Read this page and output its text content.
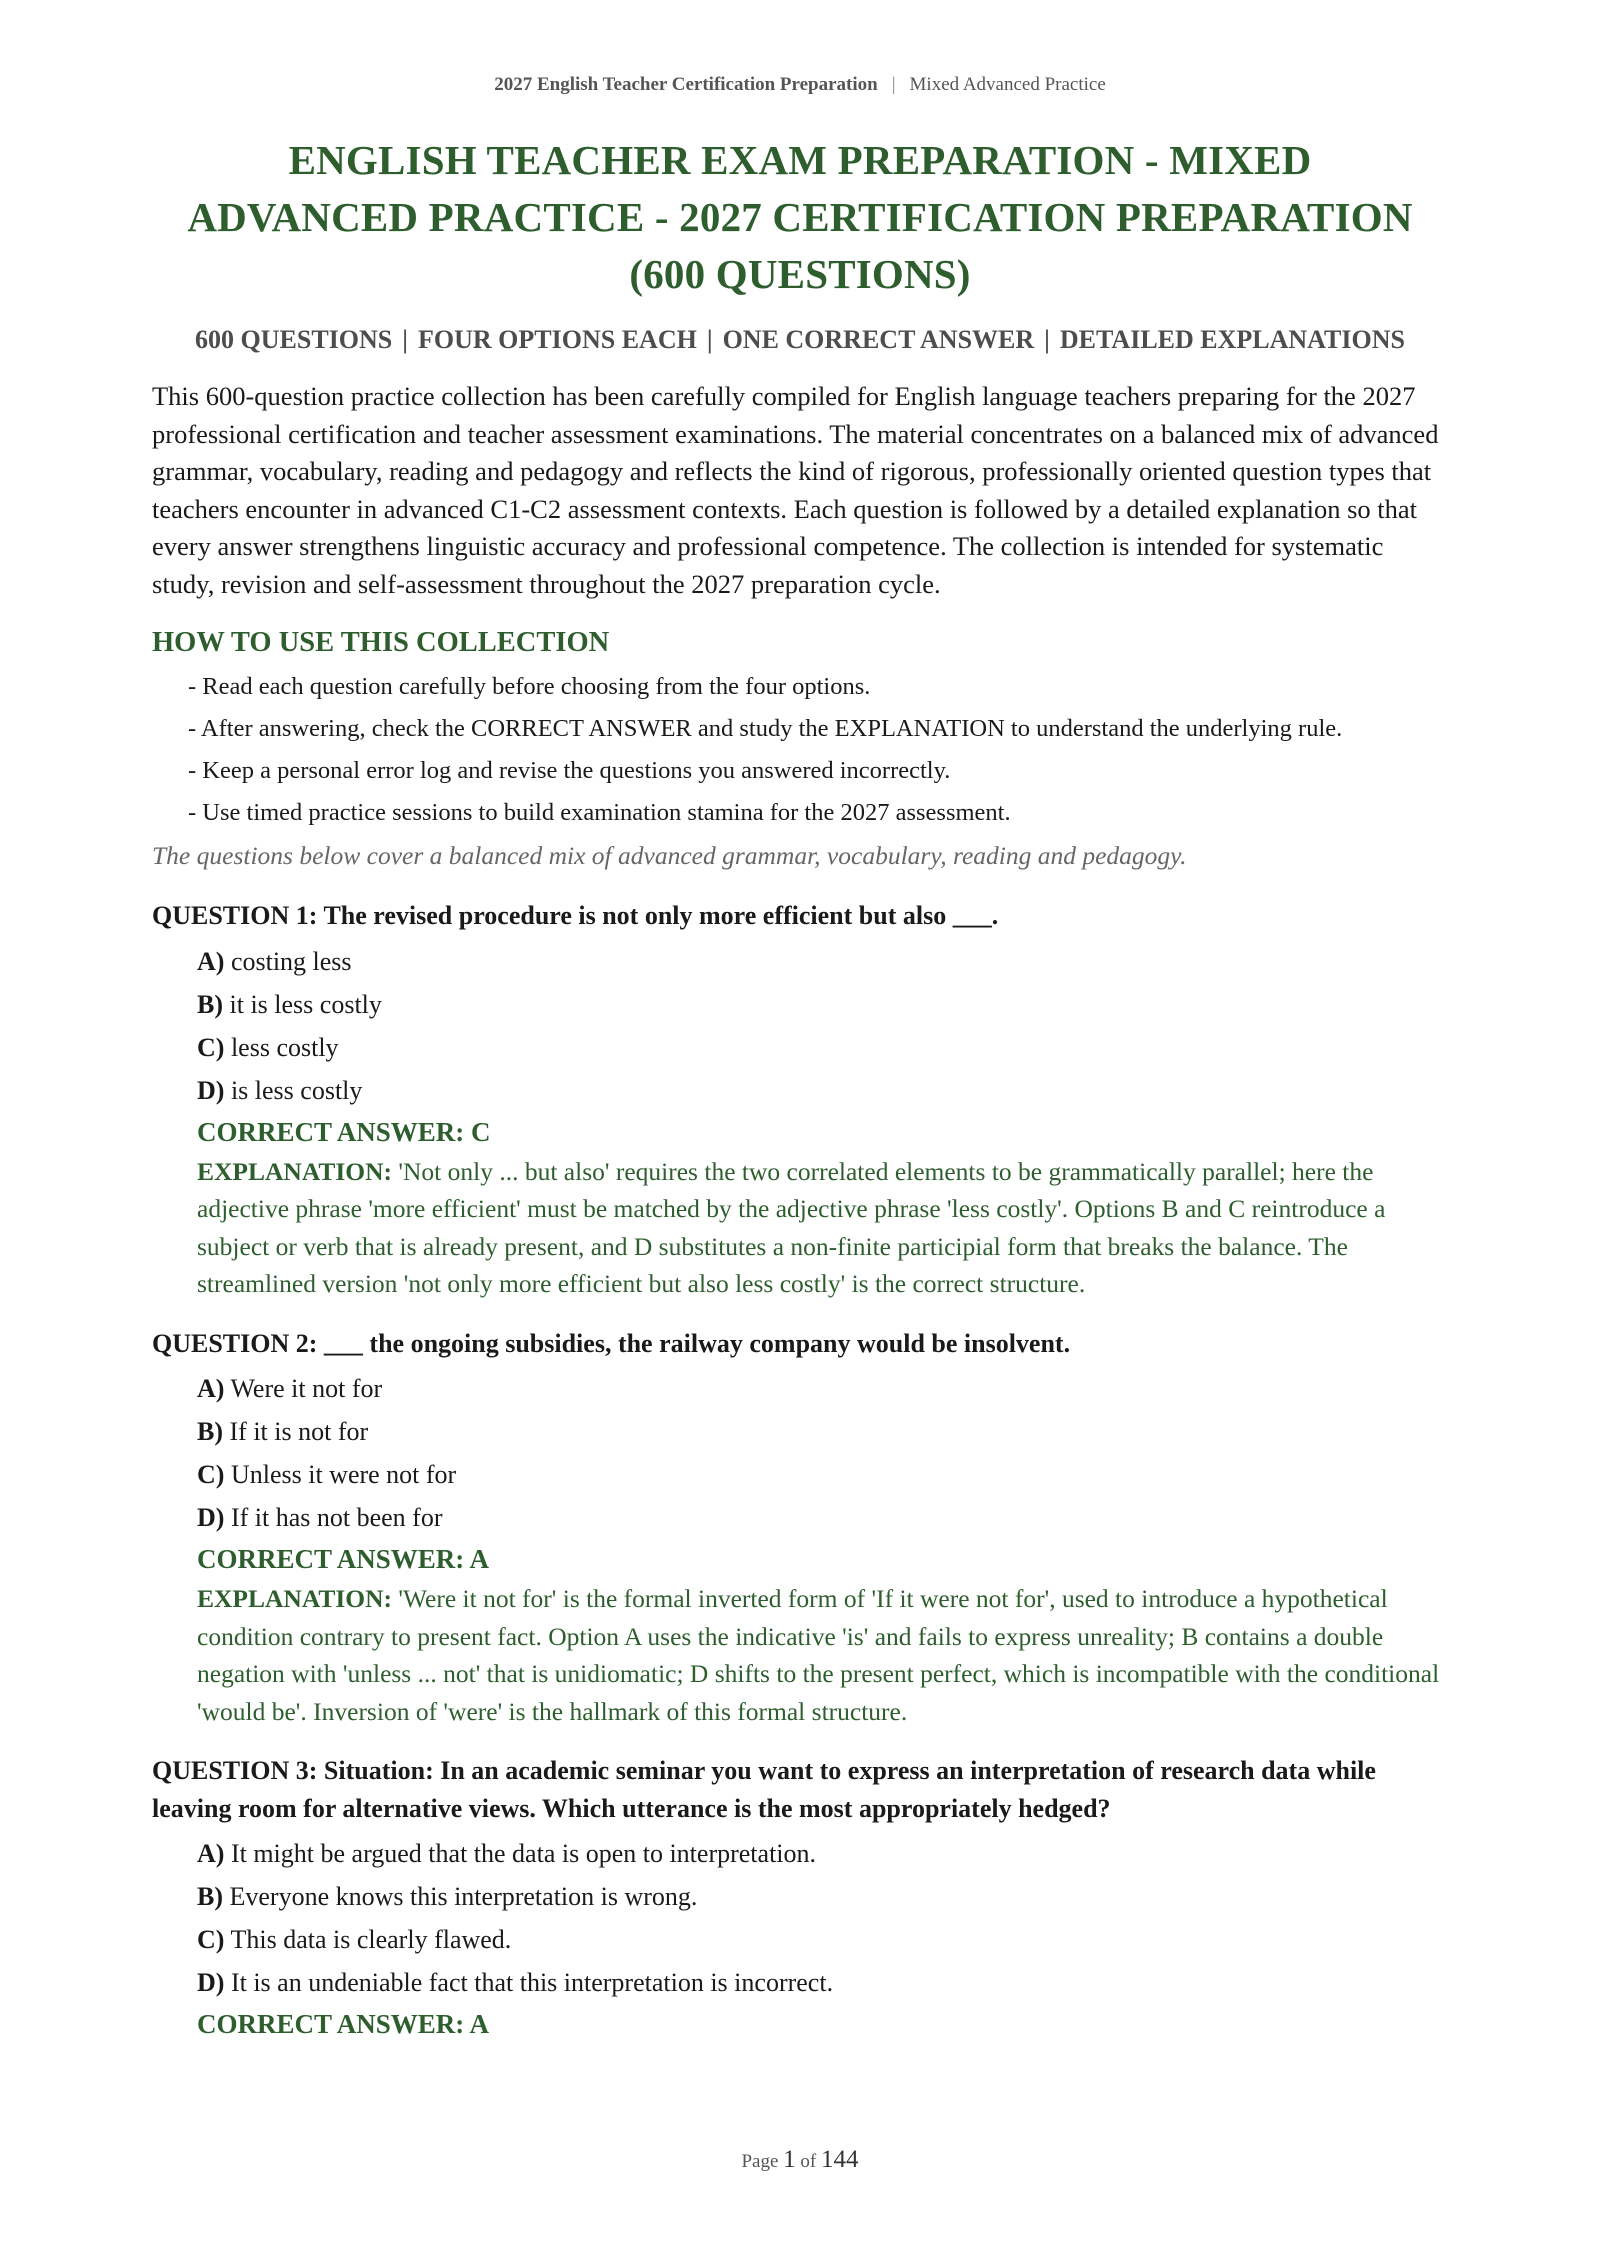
2027 English Teacher Certification Preparation | Mixed Advanced Practice
ENGLISH TEACHER EXAM PREPARATION - MIXED
ADVANCED PRACTICE - 2027 CERTIFICATION PREPARATION
(600 QUESTIONS)
600 QUESTIONS | FOUR OPTIONS EACH | ONE CORRECT ANSWER | DETAILED EXPLANATIONS

This 600-question practice collection has been carefully compiled for English language teachers preparing for the 2027 professional certification and teacher assessment examinations. The material concentrates on a balanced mix of advanced grammar, vocabulary, reading and pedagogy and reflects the kind of rigorous, professionally oriented question types that teachers encounter in advanced C1-C2 assessment contexts. Each question is followed by a detailed explanation so that every answer strengthens linguistic accuracy and professional competence. The collection is intended for systematic study, revision and self-assessment throughout the 2027 preparation cycle.

HOW TO USE THIS COLLECTION
- Read each question carefully before choosing from the four options.
- After answering, check the CORRECT ANSWER and study the EXPLANATION to understand the underlying rule.
- Keep a personal error log and revise the questions you answered incorrectly.
- Use timed practice sessions to build examination stamina for the 2027 assessment.
The questions below cover a balanced mix of advanced grammar, vocabulary, reading and pedagogy.
QUESTION 1: The revised procedure is not only more efficient but also ___.
A) costing less
B) it is less costly
C) less costly
D) is less costly
CORRECT ANSWER: C
EXPLANATION: 'Not only ... but also' requires the two correlated elements to be grammatically parallel; here the adjective phrase 'more efficient' must be matched by the adjective phrase 'less costly'. Options B and C reintroduce a subject or verb that is already present, and D substitutes a non-finite participial form that breaks the balance. The streamlined version 'not only more efficient but also less costly' is the correct structure.
QUESTION 2: ___ the ongoing subsidies, the railway company would be insolvent.
A) Were it not for
B) If it is not for
C) Unless it were not for
D) If it has not been for
CORRECT ANSWER: A
EXPLANATION: 'Were it not for' is the formal inverted form of 'If it were not for', used to introduce a hypothetical condition contrary to present fact. Option A uses the indicative 'is' and fails to express unreality; B contains a double negation with 'unless ... not' that is unidiomatic; D shifts to the present perfect, which is incompatible with the conditional 'would be'. Inversion of 'were' is the hallmark of this formal structure.
QUESTION 3: Situation: In an academic seminar you want to express an interpretation of research data while leaving room for alternative views. Which utterance is the most appropriately hedged?
A) It might be argued that the data is open to interpretation.
B) Everyone knows this interpretation is wrong.
C) This data is clearly flawed.
D) It is an undeniable fact that this interpretation is incorrect.
CORRECT ANSWER: A
Page 1 of 144
